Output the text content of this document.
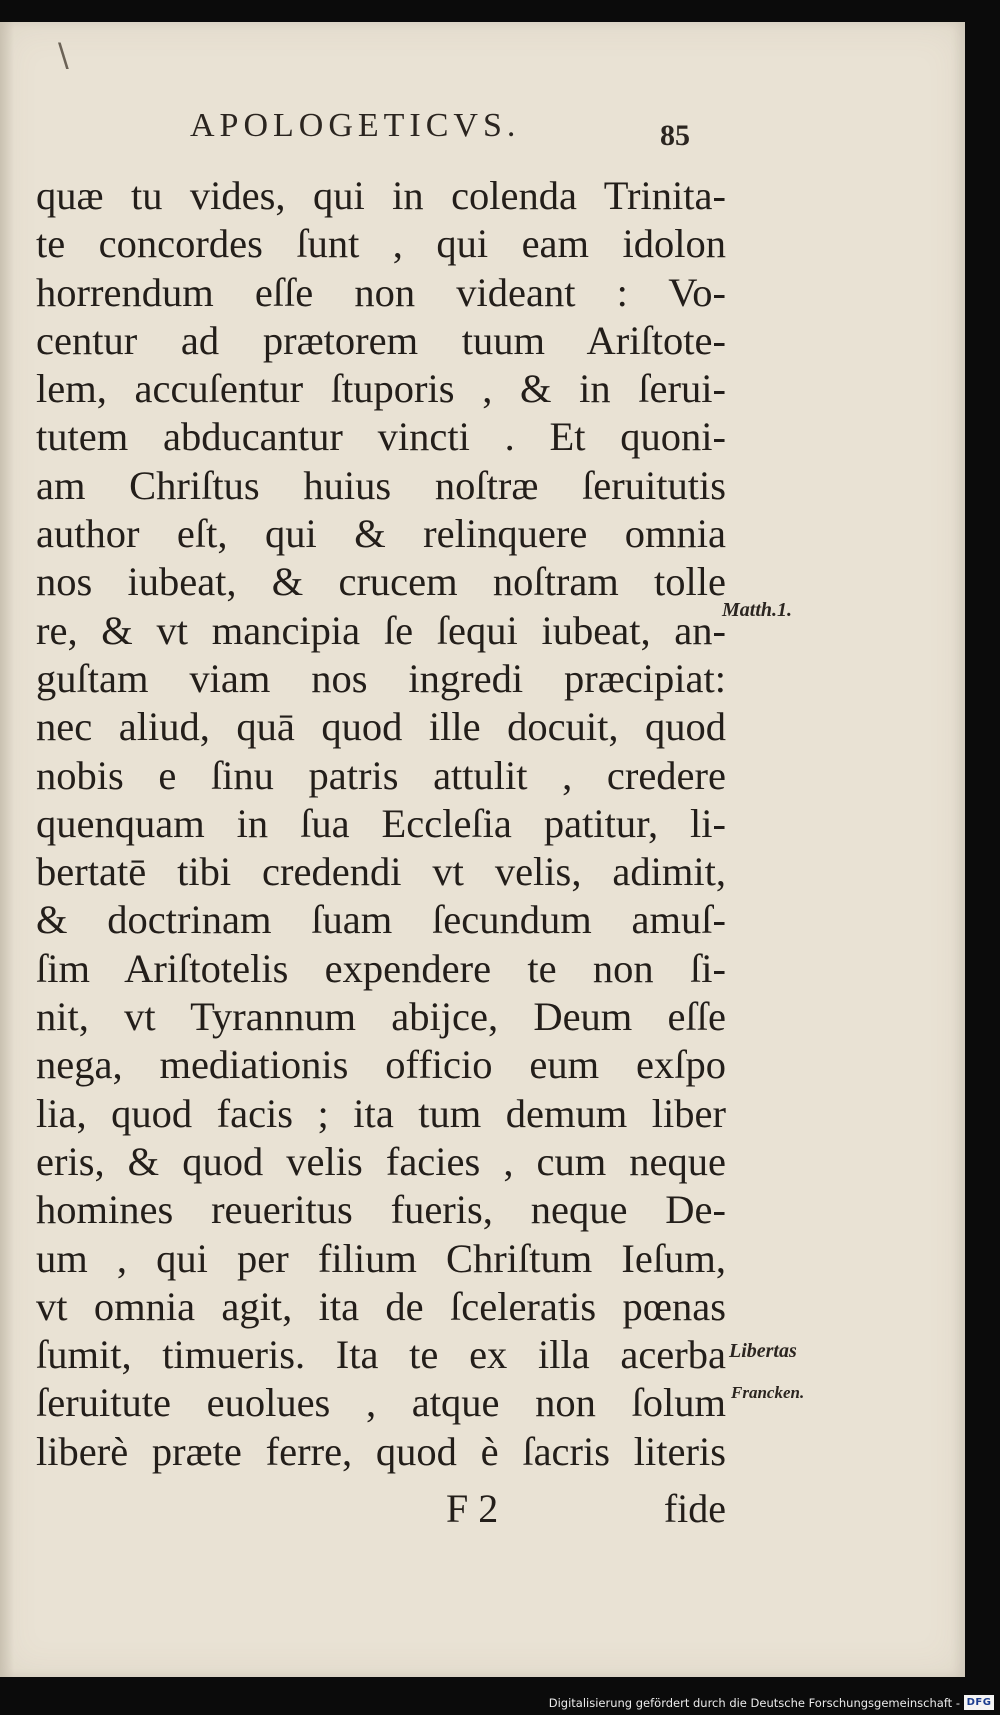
\
APOLOGETICVS.	85
quæ tu vides, qui in colenda Trinita-
te concordes ſunt , qui eam idolon
horrendum eſſe non videant : Vo-
centur ad prætorem tuum Ariſtote-
lem, accuſentur ſtuporis , & in ſerui-
tutem abducantur vincti . Et quoni-
am Chriſtus huius noſtræ ſeruitutis
author eſt, qui & relinquere omnia
nos iubeat, & crucem noſtram tolle
re, & vt mancipia ſe ſequi iubeat, an-
guſtam viam nos ingredi præcipiat:
nec aliud, quā quod ille docuit, quod
nobis e ſinu patris attulit , credere
quenquam in ſua Eccleſia patitur, li-
bertatē tibi credendi vt velis, adimit,
& doctrinam ſuam ſecundum amuſ-
ſim Ariſtotelis expendere te non ſi-
nit, vt Tyrannum abijce, Deum eſſe
nega, mediationis officio eum exſpo
lia, quod facis ; ita tum demum liber
eris, & quod velis facies , cum neque
homines reueritus fueris, neque De-
um , qui per filium Chriſtum Ieſum,
vt omnia agit, ita de ſceleratis pœnas
ſumit, timueris. Ita te ex illa acerba
ſeruitute euolues , atque non ſolum
liberè prætе ferre, quod è ſacris literis
F 2	fide
Matth.1.
Libertas
Francken.
Digitalisierung gefördert durch die Deutsche Forschungsgemeinschaft - DFG
